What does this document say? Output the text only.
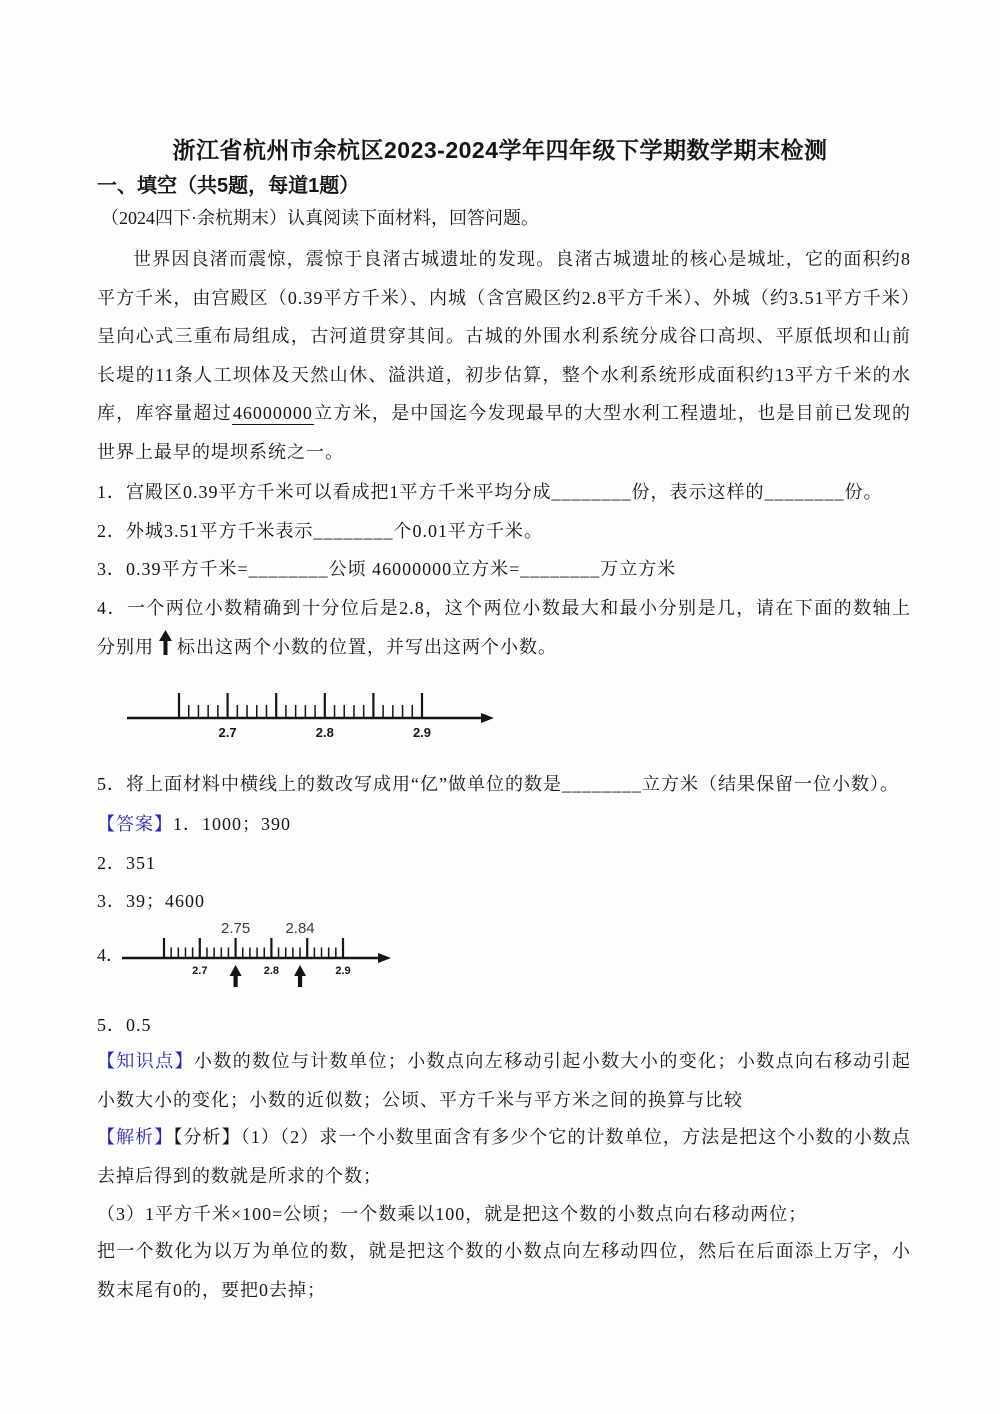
浙江省杭州市余杭区2023-2024学年四年级下学期数学期末检测
一、填空（共5题，每道1题）
（2024四下·余杭期末）认真阅读下面材料，回答问题。
世界因良渚而震惊，震惊于良渚古城遗址的发现。良渚古城遗址的核心是城址，它的面积约8平方千米，由宫殿区（0.39平方千米）、内城（含宫殿区约2.8平方千米）、外城（约3.51平方千米）呈向心式三重布局组成，古河道贯穿其间。古城的外围水利系统分成谷口高坝、平原低坝和山前长堤的11条人工坝体及天然山休、溢洪道，初步估算，整个水利系统形成面积约13平方千米的水库，库容量超过46000000立方米，是中国迄今发现最早的大型水利工程遗址，也是目前已发现的世界上最早的堤坝系统之一。
1．宫殿区0.39平方千米可以看成把1平方千米平均分成________份，表示这样的________份。
2．外城3.51平方千米表示________个0.01平方千米。
3．0.39平方千米=________公顷 46000000立方米=________万立方米
4．一个两位小数精确到十分位后是2.8，这个两位小数最大和最小分别是几，请在下面的数轴上分别用 标出这两个小数的位置，并写出这两个小数。
2.7	2.8	2.9
5．将上面材料中横线上的数改写成用“亿”做单位的数是________立方米（结果保留一位小数）。
【答案】1．1000；390
2．351
3．39；4600
4．
2.7	2.8	2.9
2.75 2.84
5．0.5
【知识点】小数的数位与计数单位；小数点向左移动引起小数大小的变化；小数点向右移动引起小数大小的变化；小数的近似数；公顷、平方千米与平方米之间的换算与比较
【解析】【分析】（1）（2）求一个小数里面含有多少个它的计数单位，方法是把这个小数的小数点去掉后得到的数就是所求的个数；
（3）1平方千米×100=公顷；一个数乘以100，就是把这个数的小数点向右移动两位；
把一个数化为以万为单位的数，就是把这个数的小数点向左移动四位，然后在后面添上万字，小数末尾有0的，要把0去掉；
